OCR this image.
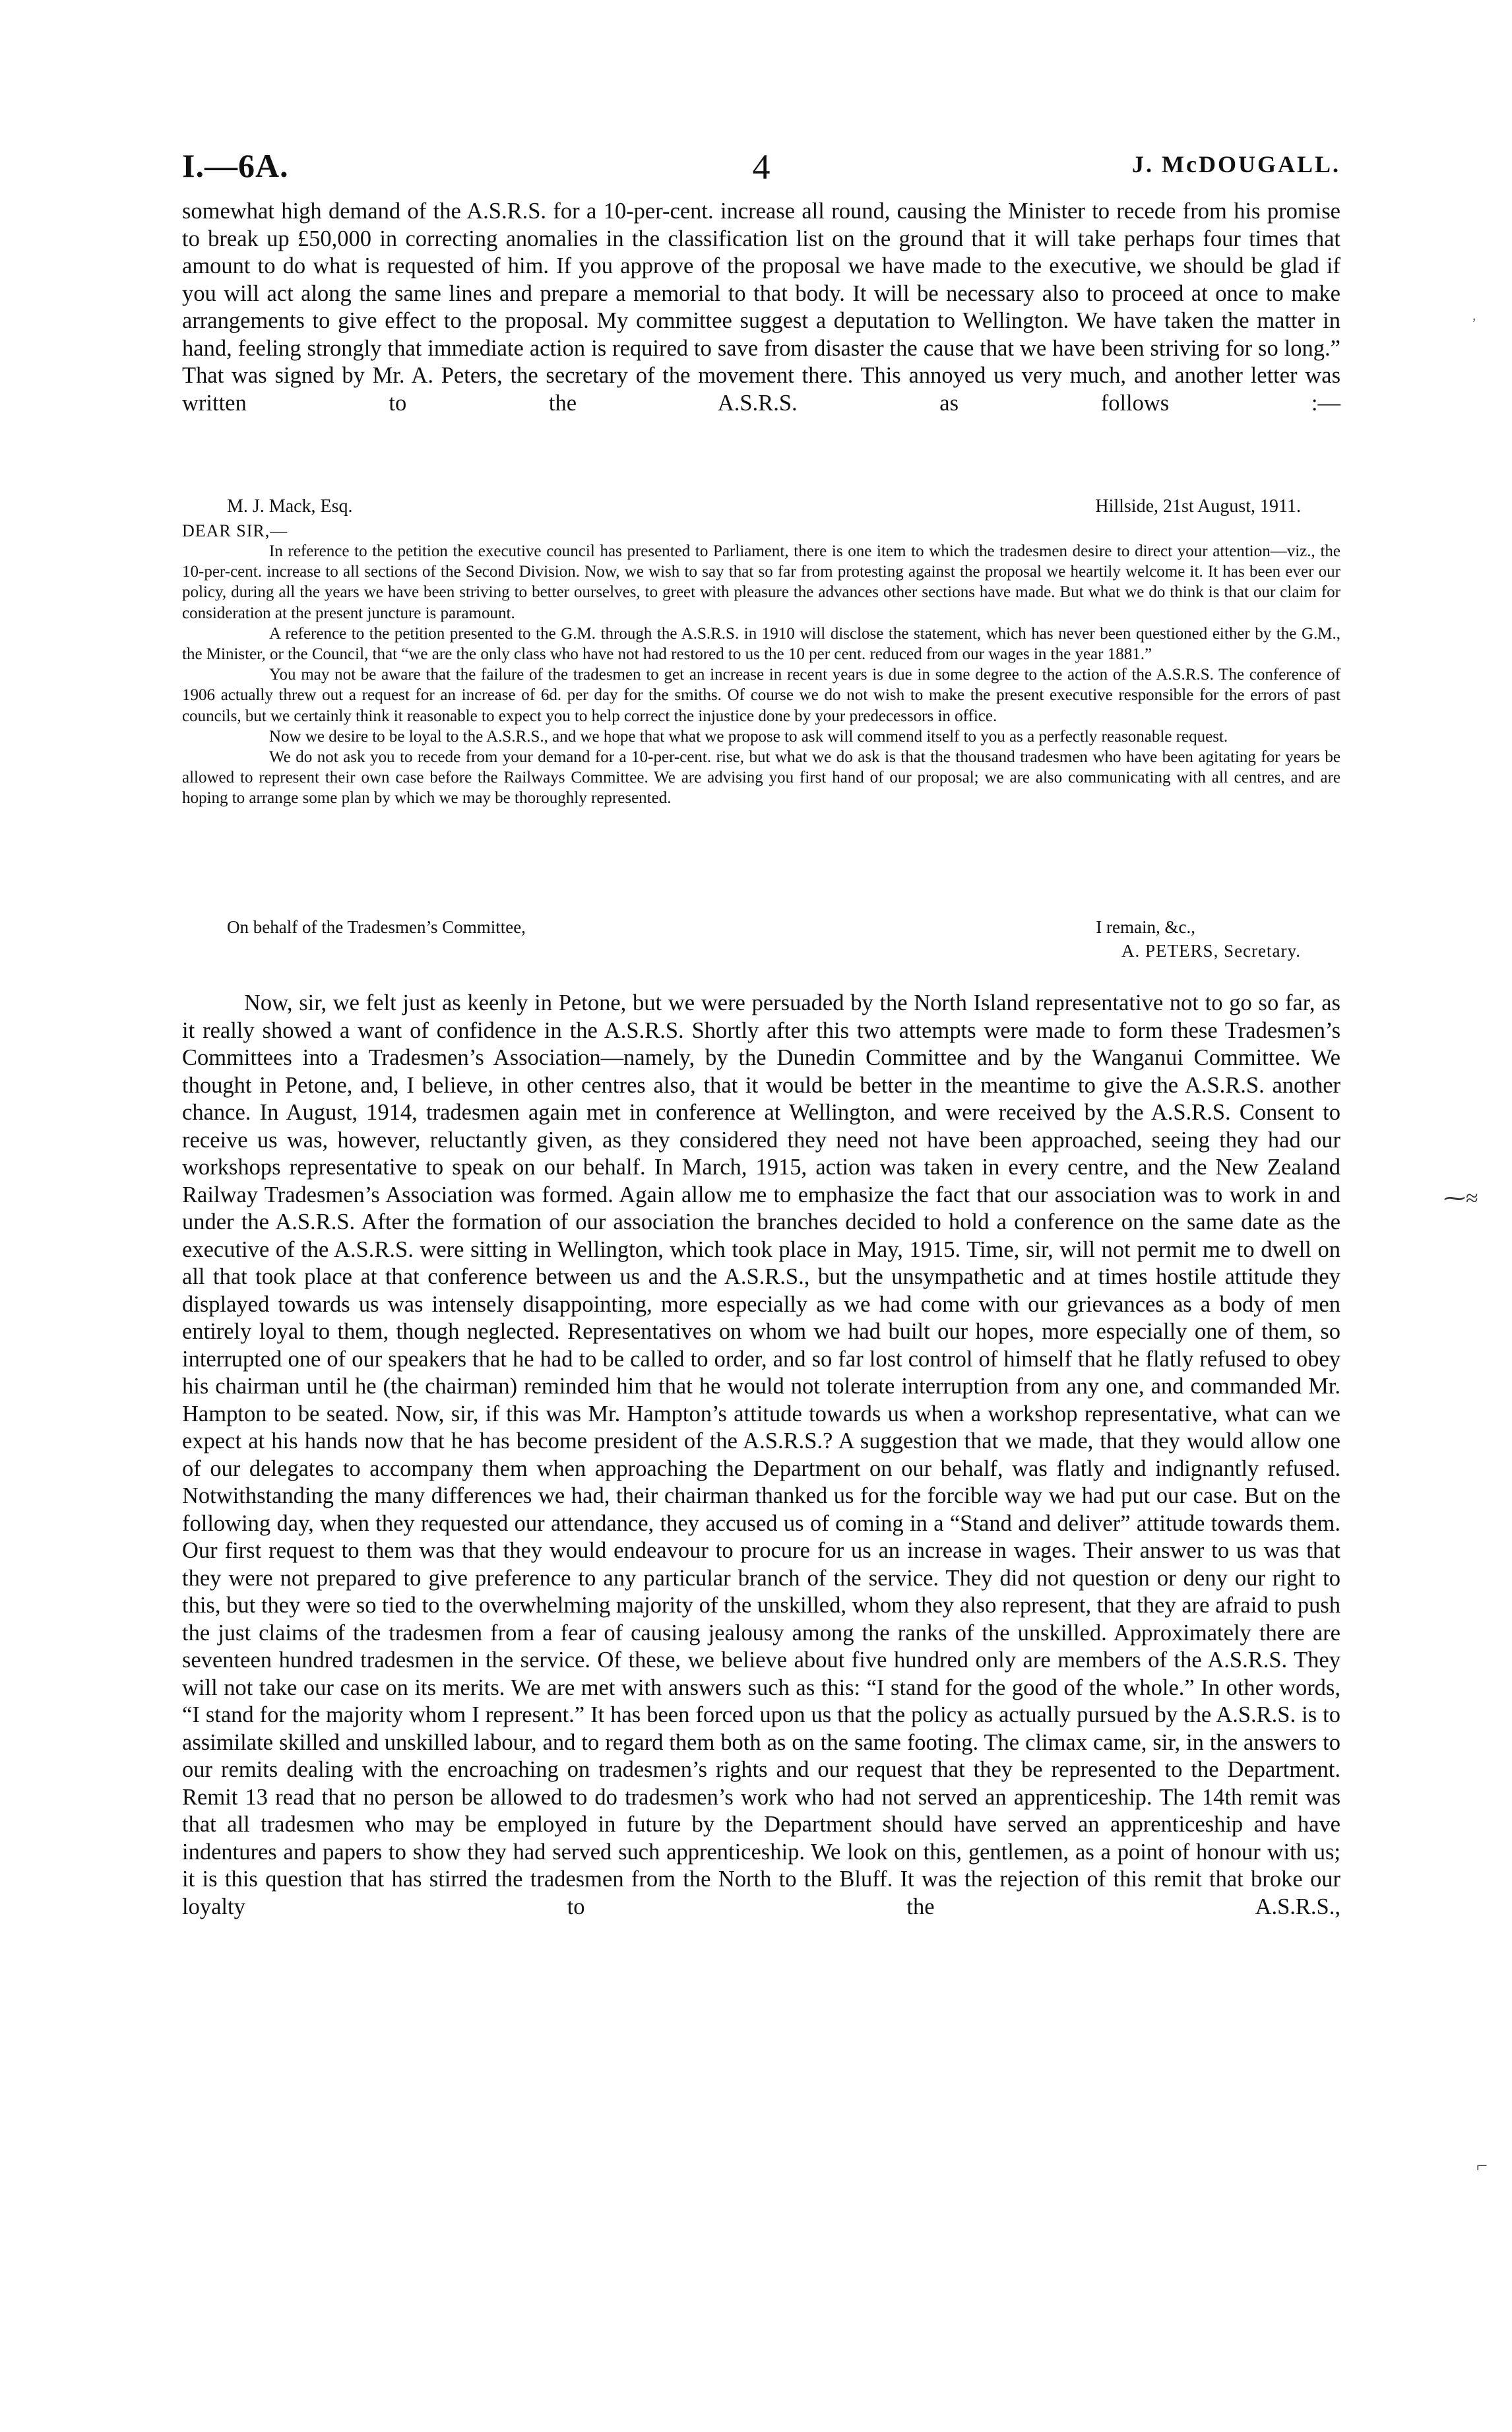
I.—6A.	4	J. McDOUGALL.

somewhat high demand of the A.S.R.S. for a 10-per-cent. increase all round, causing the Minister to recede from his promise to break up £50,000 in correcting anomalies in the classification list on the ground that it will take perhaps four times that amount to do what is requested of him. If you approve of the proposal we have made to the executive, we should be glad if you will act along the same lines and prepare a memorial to that body. It will be necessary also to proceed at once to make arrangements to give effect to the proposal. My committee suggest a deputation to Wellington. We have taken the matter in hand, feeling strongly that immediate action is required to save from disaster the cause that we have been striving for so long.” That was signed by Mr. A. Peters, the secretary of the movement there. This annoyed us very much, and another letter was written to the A.S.R.S. as follows :—

M. J. Mack, Esq.	Hillside, 21st August, 1911.
DEAR SIR,—

In reference to the petition the executive council has presented to Parliament, there is one item to which the tradesmen desire to direct your attention—viz., the 10-per-cent. increase to all sections of the Second Division. Now, we wish to say that so far from protesting against the proposal we heartily welcome it. It has been ever our policy, during all the years we have been striving to better ourselves, to greet with pleasure the advances other sections have made. But what we do think is that our claim for consideration at the present juncture is paramount.

A reference to the petition presented to the G.M. through the A.S.R.S. in 1910 will disclose the statement, which has never been questioned either by the G.M., the Minister, or the Council, that “we are the only class who have not had restored to us the 10 per cent. reduced from our wages in the year 1881.”

You may not be aware that the failure of the tradesmen to get an increase in recent years is due in some degree to the action of the A.S.R.S. The conference of 1906 actually threw out a request for an increase of 6d. per day for the smiths. Of course we do not wish to make the present executive responsible for the errors of past councils, but we certainly think it reasonable to expect you to help correct the injustice done by your predecessors in office.

Now we desire to be loyal to the A.S.R.S., and we hope that what we propose to ask will commend itself to you as a perfectly reasonable request.

We do not ask you to recede from your demand for a 10-per-cent. rise, but what we do ask is that the thousand tradesmen who have been agitating for years be allowed to represent their own case before the Railways Committee. We are advising you first hand of our proposal; we are also communicating with all centres, and are hoping to arrange some plan by which we may be thoroughly represented.

On behalf of the Tradesmen’s Committee,	I remain, &c.,
A. PETERS, Secretary.

Now, sir, we felt just as keenly in Petone, but we were persuaded by the North Island representative not to go so far, as it really showed a want of confidence in the A.S.R.S. Shortly after this two attempts were made to form these Tradesmen’s Committees into a Tradesmen’s Association—namely, by the Dunedin Committee and by the Wanganui Committee. We thought in Petone, and, I believe, in other centres also, that it would be better in the meantime to give the A.S.R.S. another chance. In August, 1914, tradesmen again met in conference at Wellington, and were received by the A.S.R.S. Consent to receive us was, however, reluctantly given, as they considered they need not have been approached, seeing they had our workshops representative to speak on our behalf. In March, 1915, action was taken in every centre, and the New Zealand Railway Tradesmen’s Association was formed. Again allow me to emphasize the fact that our association was to work in and under the A.S.R.S. After the formation of our association the branches decided to hold a conference on the same date as the executive of the A.S.R.S. were sitting in Wellington, which took place in May, 1915. Time, sir, will not permit me to dwell on all that took place at that conference between us and the A.S.R.S., but the unsympathetic and at times hostile attitude they displayed towards us was intensely disappointing, more especially as we had come with our grievances as a body of men entirely loyal to them, though neglected. Representatives on whom we had built our hopes, more especially one of them, so interrupted one of our speakers that he had to be called to order, and so far lost control of himself that he flatly refused to obey his chairman until he (the chairman) reminded him that he would not tolerate interruption from any one, and commanded Mr. Hampton to be seated. Now, sir, if this was Mr. Hampton’s attitude towards us when a workshop representative, what can we expect at his hands now that he has become president of the A.S.R.S.? A suggestion that we made, that they would allow one of our delegates to accompany them when approaching the Department on our behalf, was flatly and indignantly refused. Notwithstanding the many differences we had, their chairman thanked us for the forcible way we had put our case. But on the following day, when they requested our attendance, they accused us of coming in a “Stand and deliver” attitude towards them. Our first request to them was that they would endeavour to procure for us an increase in wages. Their answer to us was that they were not prepared to give preference to any particular branch of the service. They did not question or deny our right to this, but they were so tied to the overwhelming majority of the unskilled, whom they also represent, that they are afraid to push the just claims of the tradesmen from a fear of causing jealousy among the ranks of the unskilled. Approximately there are seventeen hundred tradesmen in the service. Of these, we believe about five hundred only are members of the A.S.R.S. They will not take our case on its merits. We are met with answers such as this: “I stand for the good of the whole.” In other words, “I stand for the majority whom I represent.” It has been forced upon us that the policy as actually pursued by the A.S.R.S. is to assimilate skilled and unskilled labour, and to regard them both as on the same footing. The climax came, sir, in the answers to our remits dealing with the encroaching on tradesmen’s rights and our request that they be represented to the Department. Remit 13 read that no person be allowed to do tradesmen’s work who had not served an apprenticeship. The 14th remit was that all tradesmen who may be employed in future by the Department should have served an apprenticeship and have indentures and papers to show they had served such apprenticeship. We look on this, gentlemen, as a point of honour with us; it is this question that has stirred the tradesmen from the North to the Bluff. It was the rejection of this remit that broke our loyalty to the A.S.R.S.,

,
⁓≈
⌐
